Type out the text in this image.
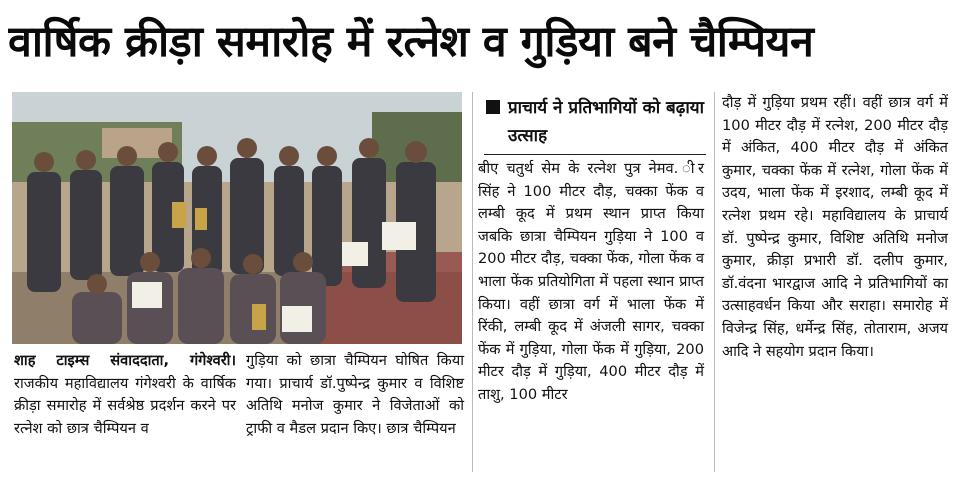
वार्षिक क्रीड़ा समारोह में रत्नेश व गुड़िया बने चैम्पियन

शाह टाइम्स संवाददाता, गंगेश्वरी। राजकीय महाविद्यालय गंगेश्वरी के वार्षिक क्रीड़ा समारोह में सर्वश्रेष्ठ प्रदर्शन करने पर रत्नेश को छात्र चैम्पियन व

गुड़िया को छात्रा चैम्पियन घोषित किया गया। प्राचार्य डॉ.पुष्पेन्द्र कुमार व विशिष्ट अतिथि मनोज कुमार ने विजेताओं को ट्राफी व मैडल प्रदान किए। छात्र चैम्पियन

प्राचार्य ने प्रतिभागियों को बढ़ाया उत्साह

बीए चतुर्थ सेम के रत्नेश पुत्र नेमव. ीर सिंह ने 100 मीटर दौड़, चक्का फेंक व लम्बी कूद में प्रथम स्थान प्राप्त किया जबकि छात्रा चैम्पियन गुड़िया ने 100 व 200 मीटर दौड़, चक्का फेंक, गोला फेंक व भाला फेंक प्रतियोगिता में पहला स्थान प्राप्त किया। वहीं छात्रा वर्ग में भाला फेंक में रिंकी, लम्बी कूद में अंजली सागर, चक्का फेंक में गुड़िया, गोला फेंक में गुड़िया, 200 मीटर दौड़ में गुड़िया, 400 मीटर दौड़ में ताशु, 100 मीटर

दौड़ में गुड़िया प्रथम रहीं। वहीं छात्र वर्ग में 100 मीटर दौड़ में रत्नेश, 200 मीटर दौड़ में अंकित, 400 मीटर दौड़ में अंकित कुमार, चक्का फेंक में रत्नेश, गोला फेंक में उदय, भाला फेंक में इरशाद, लम्बी कूद में रत्नेश प्रथम रहे। महाविद्यालय के प्राचार्य डॉ. पुष्पेन्द्र कुमार, विशिष्ट अतिथि मनोज कुमार, क्रीड़ा प्रभारी डॉ. दलीप कुमार, डॉ.वंदना भारद्वाज आदि ने प्रतिभागियों का उत्साहवर्धन किया और सराहा। समारोह में विजेन्द्र सिंह, धर्मेन्द्र सिंह, तोताराम, अजय आदि ने सहयोग प्रदान किया।
